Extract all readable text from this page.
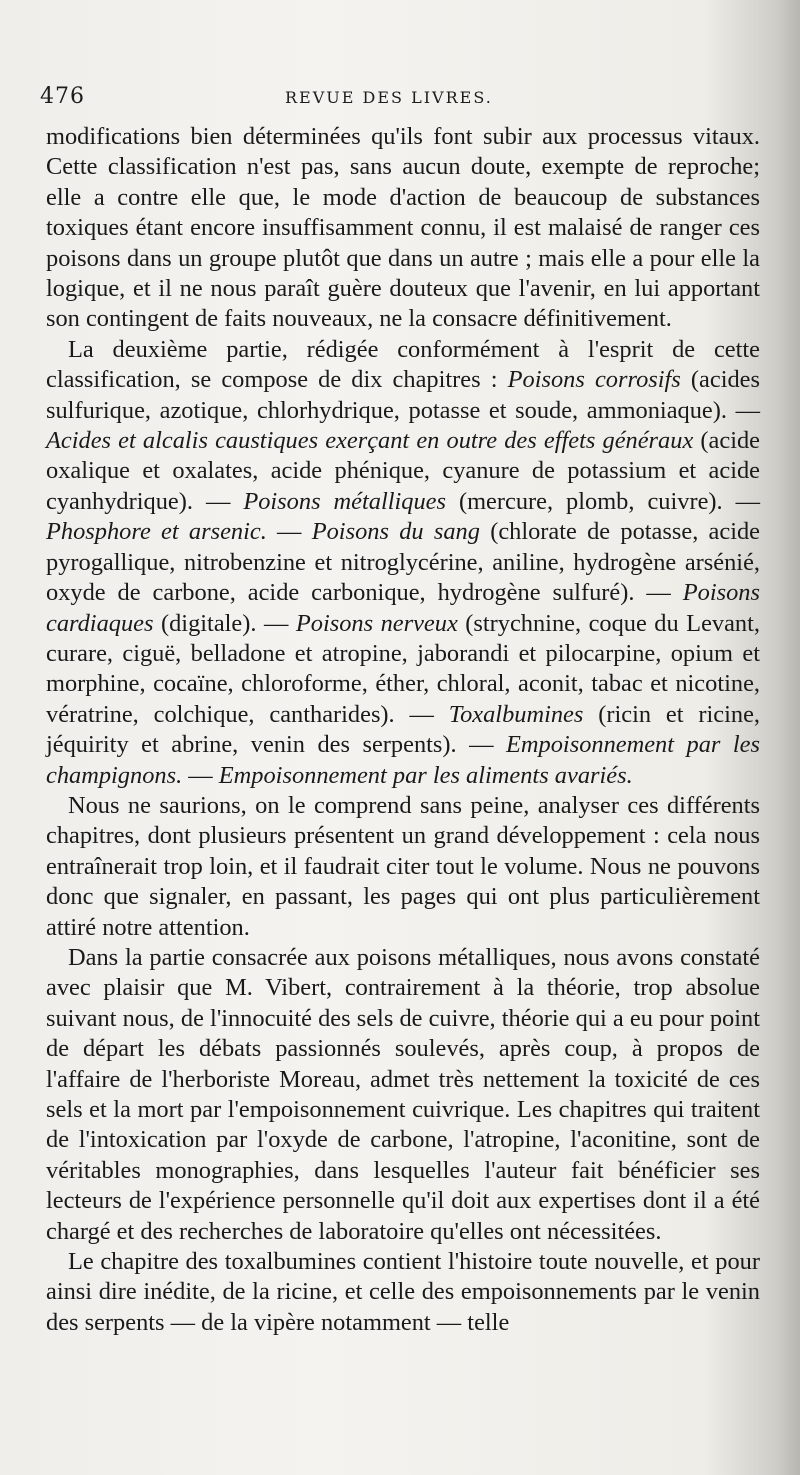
476	REVUE DES LIVRES.

modifications bien déterminées qu'ils font subir aux processus vitaux. Cette classification n'est pas, sans aucun doute, exempte de reproche; elle a contre elle que, le mode d'action de beaucoup de substances toxiques étant encore insuffisamment connu, il est malaisé de ranger ces poisons dans un groupe plutôt que dans un autre ; mais elle a pour elle la logique, et il ne nous paraît guère douteux que l'avenir, en lui apportant son contingent de faits nouveaux, ne la consacre définitivement.

La deuxième partie, rédigée conformément à l'esprit de cette classification, se compose de dix chapitres : Poisons corrosifs (acides sulfurique, azotique, chlorhydrique, potasse et soude, ammoniaque). — Acides et alcalis caustiques exerçant en outre des effets généraux (acide oxalique et oxalates, acide phénique, cyanure de potassium et acide cyanhydrique). — Poisons métalliques (mercure, plomb, cuivre). — Phosphore et arsenic. — Poisons du sang (chlorate de potasse, acide pyrogallique, nitrobenzine et nitroglycérine, aniline, hydrogène arsénié, oxyde de carbone, acide carbonique, hydrogène sulfuré). — Poisons cardiaques (digitale). — Poisons nerveux (strychnine, coque du Levant, curare, ciguë, belladone et atropine, jaborandi et pilocarpine, opium et morphine, cocaïne, chloroforme, éther, chloral, aconit, tabac et nicotine, vératrine, colchique, cantharides). — Toxalbumines (ricin et ricine, jéquirity et abrine, venin des serpents). — Empoisonnement par les champignons. — Empoisonnement par les aliments avariés.

Nous ne saurions, on le comprend sans peine, analyser ces différents chapitres, dont plusieurs présentent un grand développement : cela nous entraînerait trop loin, et il faudrait citer tout le volume. Nous ne pouvons donc que signaler, en passant, les pages qui ont plus particulièrement attiré notre attention.

Dans la partie consacrée aux poisons métalliques, nous avons constaté avec plaisir que M. Vibert, contrairement à la théorie, trop absolue suivant nous, de l'innocuité des sels de cuivre, théorie qui a eu pour point de départ les débats passionnés soulevés, après coup, à propos de l'affaire de l'herboriste Moreau, admet très nettement la toxicité de ces sels et la mort par l'empoisonnement cuivrique. Les chapitres qui traitent de l'intoxication par l'oxyde de carbone, l'atropine, l'aconitine, sont de véritables monographies, dans lesquelles l'auteur fait bénéficier ses lecteurs de l'expérience personnelle qu'il doit aux expertises dont il a été chargé et des recherches de laboratoire qu'elles ont nécessitées.

Le chapitre des toxalbumines contient l'histoire toute nouvelle, et pour ainsi dire inédite, de la ricine, et celle des empoisonnements par le venin des serpents — de la vipère notamment — telle
